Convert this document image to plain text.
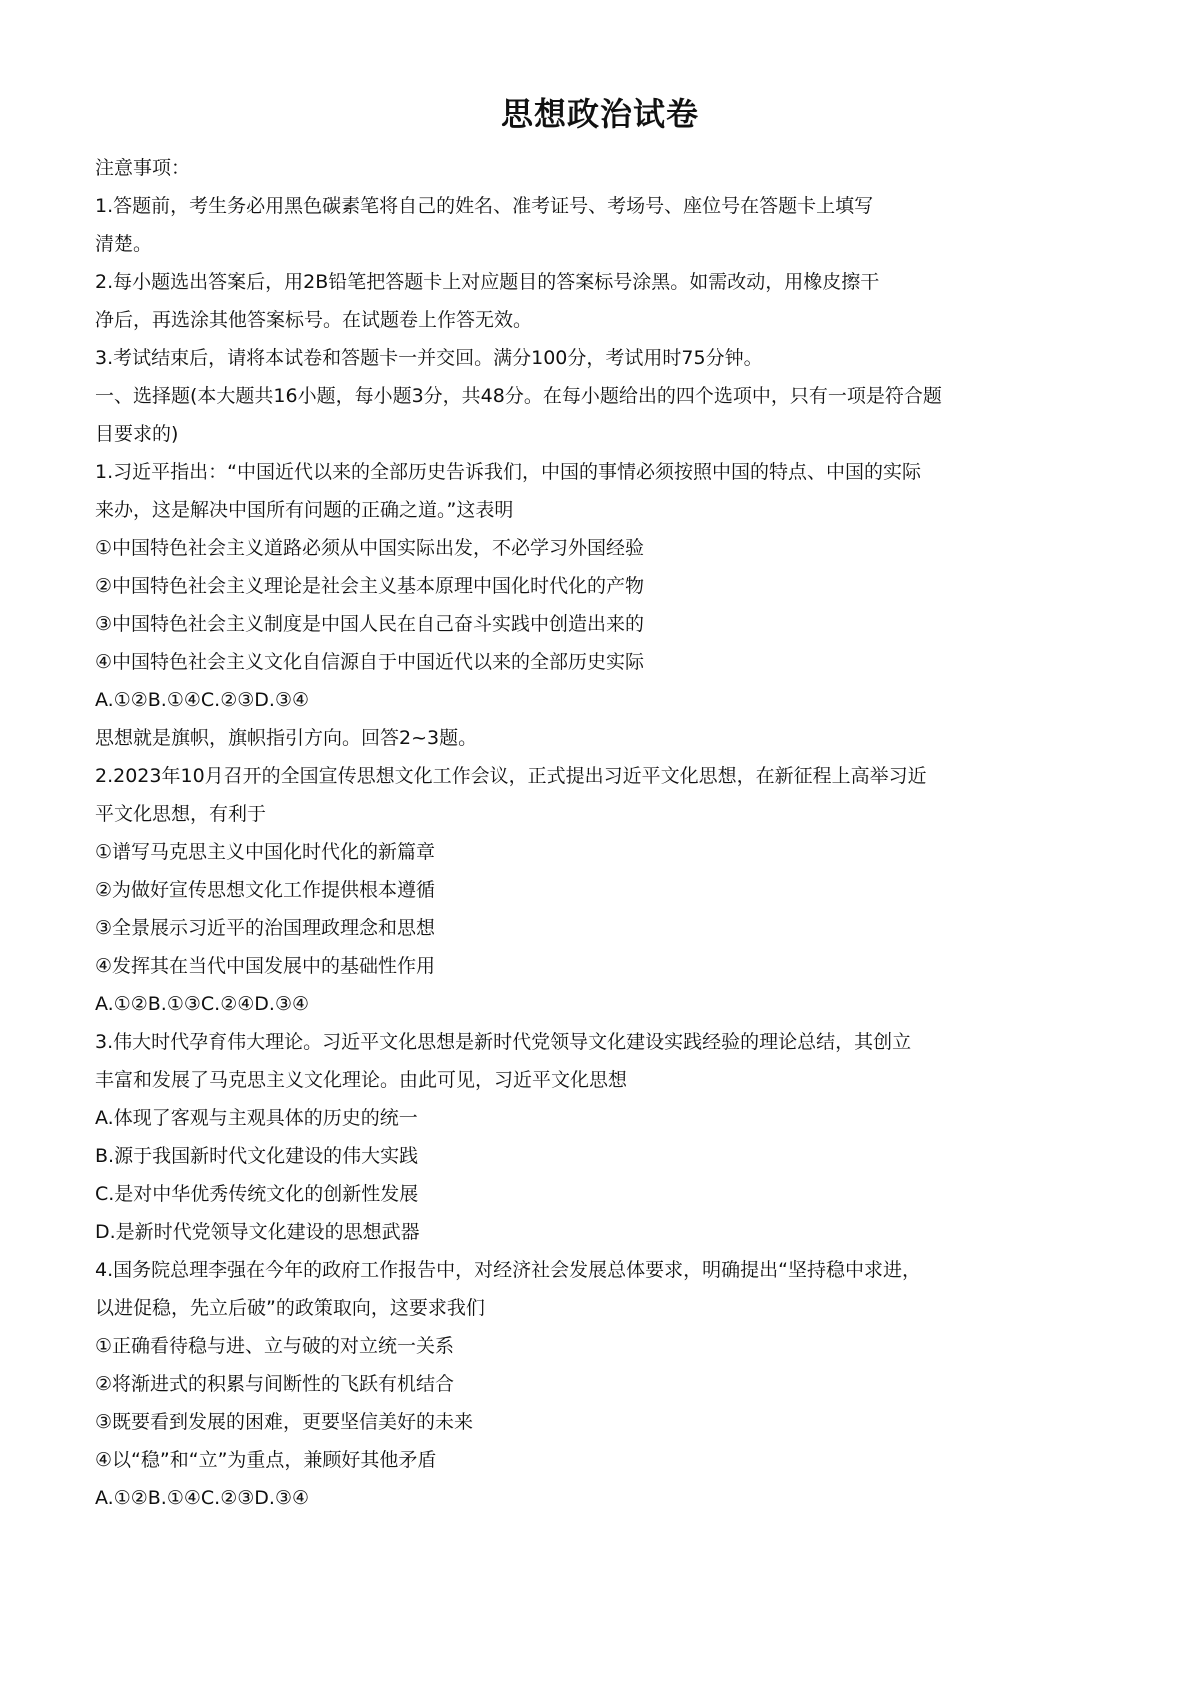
思想政治试卷
注意事项：
1.答题前，考生务必用黑色碳素笔将自己的姓名、准考证号、考场号、座位号在答题卡上填写
清楚。
2.每小题选出答案后，用2B铅笔把答题卡上对应题目的答案标号涂黑。如需改动，用橡皮擦干
净后，再选涂其他答案标号。在试题卷上作答无效。
3.考试结束后，请将本试卷和答题卡一并交回。满分100分，考试用时75分钟。
一、选择题(本大题共16小题，每小题3分，共48分。在每小题给出的四个选项中，只有一项是符合题
目要求的)
1.习近平指出：“中国近代以来的全部历史告诉我们，中国的事情必须按照中国的特点、中国的实际
来办，这是解决中国所有问题的正确之道。”这表明
①中国特色社会主义道路必须从中国实际出发，不必学习外国经验
②中国特色社会主义理论是社会主义基本原理中国化时代化的产物
③中国特色社会主义制度是中国人民在自己奋斗实践中创造出来的
④中国特色社会主义文化自信源自于中国近代以来的全部历史实际
A.①②B.①④C.②③D.③④
思想就是旗帜，旗帜指引方向。回答2~3题。
2.2023年10月召开的全国宣传思想文化工作会议，正式提出习近平文化思想，在新征程上高举习近
平文化思想，有利于
①谱写马克思主义中国化时代化的新篇章
②为做好宣传思想文化工作提供根本遵循
③全景展示习近平的治国理政理念和思想
④发挥其在当代中国发展中的基础性作用
A.①②B.①③C.②④D.③④
3.伟大时代孕育伟大理论。习近平文化思想是新时代党领导文化建设实践经验的理论总结，其创立
丰富和发展了马克思主义文化理论。由此可见，习近平文化思想
A.体现了客观与主观具体的历史的统一
B.源于我国新时代文化建设的伟大实践
C.是对中华优秀传统文化的创新性发展
D.是新时代党领导文化建设的思想武器
4.国务院总理李强在今年的政府工作报告中，对经济社会发展总体要求，明确提出“坚持稳中求进，
以进促稳，先立后破”的政策取向，这要求我们
①正确看待稳与进、立与破的对立统一关系
②将渐进式的积累与间断性的飞跃有机结合
③既要看到发展的困难，更要坚信美好的未来
④以“稳”和“立”为重点，兼顾好其他矛盾
A.①②B.①④C.②③D.③④
